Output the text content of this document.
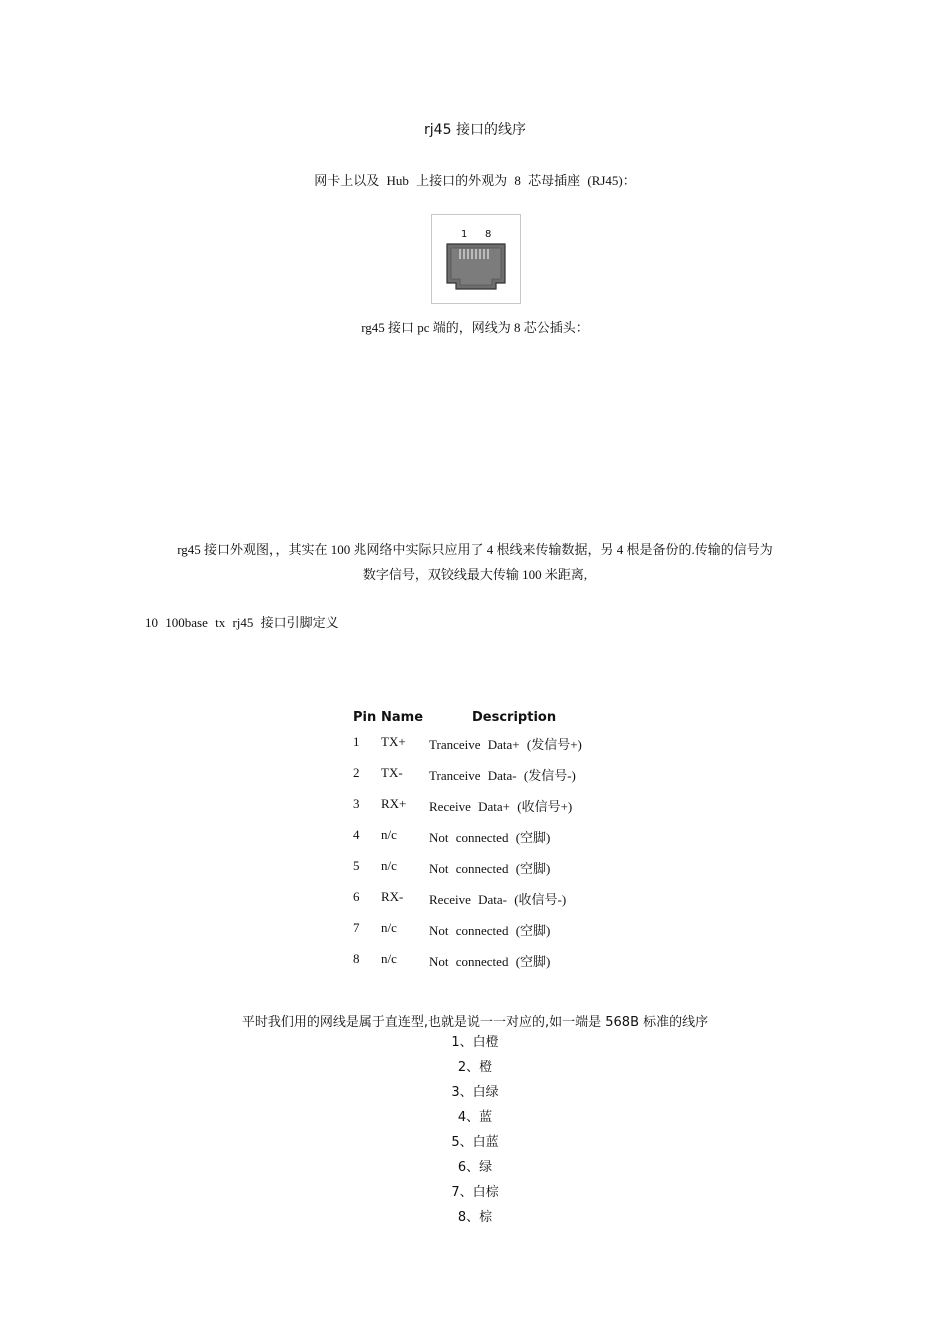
rj45 接口的线序
网卡上以及 Hub 上接口的外观为 8 芯母插座 (RJ45)：
1 8
rg45 接口 pc 端的，网线为 8 芯公插头：
rg45 接口外观图，，其实在 100 兆网络中实际只应用了 4 根线来传输数据，另 4 根是备份的.传输的信号为
数字信号，双铰线最大传输 100 米距离,
10 100base tx rj45 接口引脚定义
Pin Name	Description
1 TX+ Tranceive Data+ (发信号+)
2 TX- Tranceive Data- (发信号-)
3 RX+ Receive Data+ (收信号+)
4 n/c Not connected (空脚)
5 n/c Not connected (空脚)
6 RX- Receive Data- (收信号-)
7 n/c Not connected (空脚)
8 n/c Not connected (空脚)
平时我们用的网线是属于直连型,也就是说一一对应的,如一端是 568B 标准的线序
1、白橙
2、橙
3、白绿
4、蓝
5、白蓝
6、绿
7、白棕
8、棕
